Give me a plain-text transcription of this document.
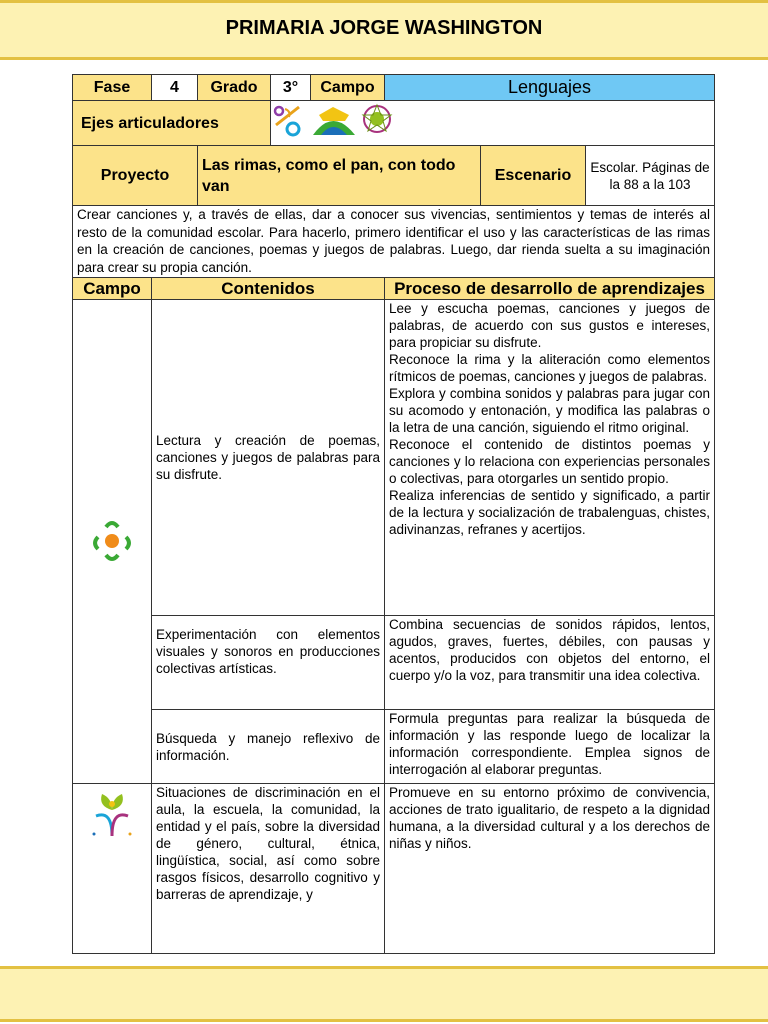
PRIMARIA JORGE WASHINGTON
Fase	4	Grado	3°	Campo	Lenguajes		
Ejes articuladores	
Proyecto		Las rimas, como el pan, con todo van				Escenario	Escolar. Páginas de la 88 a la 103
Crear canciones y, a través de ellas, dar a conocer sus vivencias, sentimientos y temas de interés al resto de la comunidad escolar. Para hacerlo, primero identificar el uso y las características de las rimas en la creación de canciones, poemas y juegos de palabras. Luego, dar rienda suelta a su imaginación para crear su propia canción.							
Campo	Contenidos				Proceso de desarrollo de aprendizajes		
	Lectura y creación de poemas, canciones y juegos de palabras para su disfrute.				Lee y escucha poemas, canciones y juegos de palabras, de acuerdo con sus gustos e intereses, para propiciar su disfrute.
Reconoce la rima y la aliteración como elementos rítmicos de poemas, canciones y juegos de palabras.
Explora y combina sonidos y palabras para jugar con su acomodo y entonación, y modifica las palabras o la letra de una canción, siguiendo el ritmo original.
Reconoce el contenido de distintos poemas y canciones y lo relaciona con experiencias personales o colectivas, para otorgarles un sentido propio.
Realiza inferencias de sentido y significado, a partir de la lectura y socialización de trabalenguas, chistes, adivinanzas, refranes y acertijos.		

	Experimentación con elementos visuales y sonoros en producciones colectivas artísticas.				Combina secuencias de sonidos rápidos, lentos, agudos, graves, fuertes, débiles, con pausas y acentos, producidos con objetos del entorno, el cuerpo y/o la voz, para transmitir una idea colectiva.		

	Búsqueda y manejo reflexivo de información.				Formula preguntas para realizar la búsqueda de información y las responde luego de localizar la información correspondiente. Emplea signos de interrogación al elaborar preguntas.		

	Situaciones de discriminación en el aula, la escuela, la comunidad, la entidad y el país, sobre la diversidad de género, cultural, étnica, lingüística, social, así como sobre rasgos físicos, desarrollo cognitivo y barreras de aprendizaje, y				Promueve en su entorno próximo de convivencia, acciones de trato igualitario, de respeto a la dignidad humana, a la diversidad cultural y a los derechos de niñas y niños.		
